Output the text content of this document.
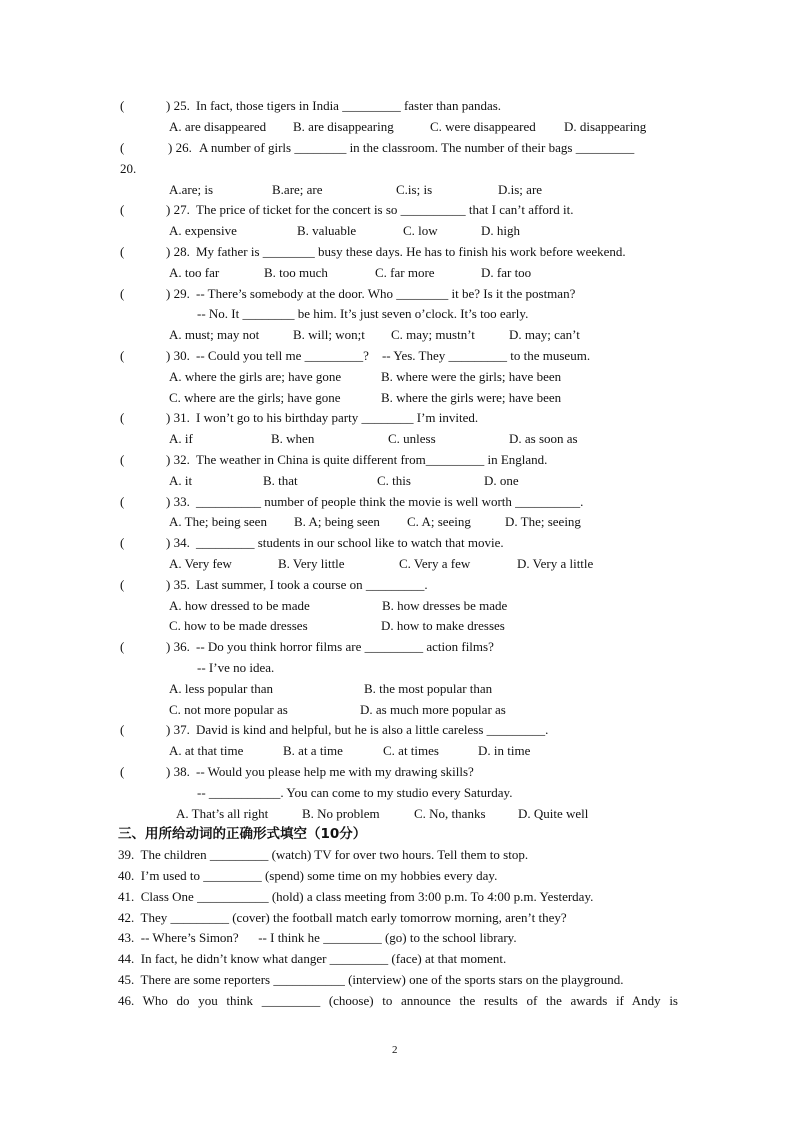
(	) 25. In fact, those tigers in India _________ faster than pandas.
A. are disappeared B. are disappearing	C. were disappeared D. disappearing
(	) 26. A number of girls ________ in the classroom. The number of their bags _________
20.
A.are; is	B.are; are	C.is; is	D.is; are
(	) 27. The price of ticket for the concert is so __________ that I can’t afford it.
A. expensive	B. valuable	C. low	D. high
(	) 28. My father is ________ busy these days. He has to finish his work before weekend.
A. too far	B. too much	C. far more	D. far too
(	) 29. -- There’s somebody at the door. Who ________ it be? Is it the postman?
-- No. It ________ be him. It’s just seven o’clock. It’s too early.
A. must; may not	B. will; won;t C. may; mustn’t	D. may; can’t
(	) 30. -- Could you tell me _________?    -- Yes. They _________ to the museum.
A. where the girls are; have gone	B. where were the girls; have been
C. where are the girls; have gone	B. where the girls were; have been
(	) 31. I won’t go to his birthday party ________ I’m invited.
A. if	B. when	C. unless	D. as soon as
(	) 32. The weather in China is quite different from_________ in England.
A. it	B. that	C. this	D. one
(	) 33. __________ number of people think the movie is well worth __________.
A. The; being seen B. A; being seen C. A; seeing	D. The; seeing
(	) 34. _________ students in our school like to watch that movie.
A. Very few	B. Very little	C. Very a few	D. Very a little
(	) 35. Last summer, I took a course on _________.
A. how dressed to be made	B. how dresses be made
C. how to be made dresses	D. how to make dresses
(	) 36. -- Do you think horror films are _________ action films?
-- I’ve no idea.
A. less popular than	B. the most popular than
C. not more popular as	D. as much more popular as
(	) 37. David is kind and helpful, but he is also a little careless _________.
A. at that time	B. at a time	C. at times	D. in time
(	) 38. -- Would you please help me with my drawing skills?
-- ___________. You can come to my studio every Saturday.
A. That’s all right	B. No problem	C. No, thanks	D. Quite well
三、用所给动词的正确形式填空（10分）
39.  The children _________ (watch) TV for over two hours. Tell them to stop.
40.  I’m used to _________ (spend) some time on my hobbies every day.
41.  Class One ___________ (hold) a class meeting from 3:00 p.m. To 4:00 p.m. Yesterday.
42.  They _________ (cover) the football match early tomorrow morning, aren’t they?
43.  -- Where’s Simon?      -- I think he _________ (go) to the school library.
44.  In fact, he didn’t know what danger _________ (face) at that moment.
45.  There are some reporters ___________ (interview) one of the sports stars on the playground.
46. Who do you think _________ (choose) to announce the results of the awards if Andy is
2
